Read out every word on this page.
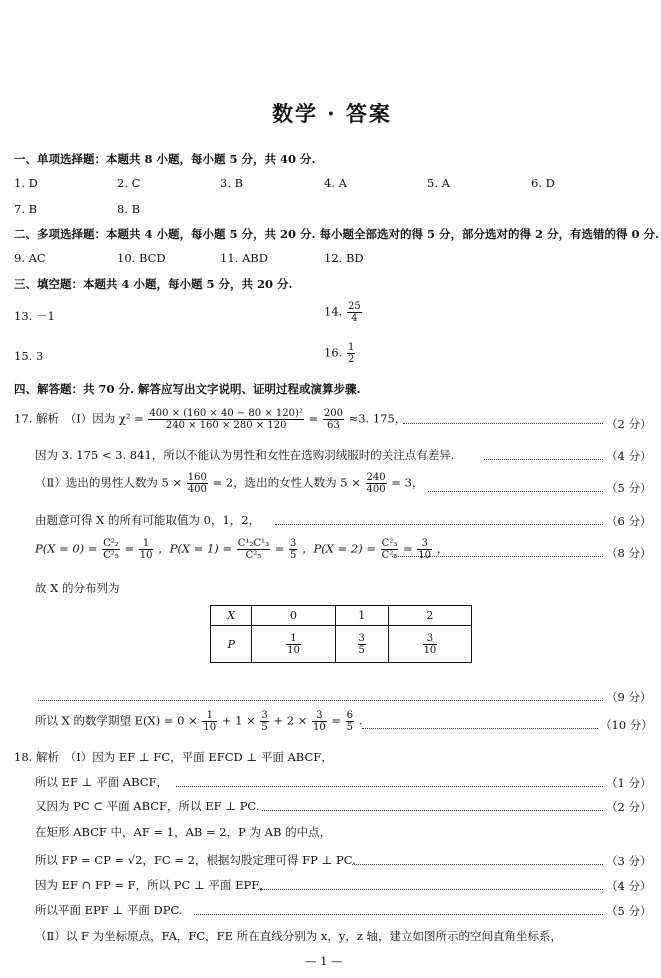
数学 · 答案
一、单项选择题：本题共 8 小题，每小题 5 分，共 40 分.
1. D	2. C	3. B	4. A	5. A	6. D
7. B	8. B
二、多项选择题：本题共 4 小题，每小题 5 分，共 20 分. 每小题全部选对的得 5 分，部分选对的得 2 分，有选错的得 0 分.
9. AC	10. BCD	11. ABD	12. BD
三、填空题：本题共 4 小题，每小题 5 分，共 20 分.
13. －1	14. $\frac{25}{4}$
15. 3	16. $\frac{1}{2}$
四、解答题：共 70 分. 解答应写出文字说明、证明过程或演算步骤.
17. 解析　（Ⅰ）因为 $\chi^2 = \frac{\text{400 × (160 × 40 − 80 × 120)²}}{240 \times 160 \times 280 \times 120} = \frac{200}{63} \approx 3$. 175，	（2 分）
因为 3. 175 < 3. 841，所以不能认为男性和女性在选购羽绒服时的关注点有差异.	（4 分）
（Ⅱ）选出的男性人数为 $5 \times \frac{160}{400} = 2$，选出的女性人数为 $5 \times \frac{240}{400} = 3$，	（5 分）
由题意可得 X 的所有可能取值为 0，1，2，	（6 分）
$P(X = 0) = \frac{\text{C²₂}}{\text{C²₅}} = \frac{1}{10}$ ，$P(X = 1) = \frac{\text{C¹₂C¹₃}}{\text{C²₅}} = \frac{3}{5}$ ，$P(X = 2) = \frac{\text{C²₃}}{\text{C²₅}} = \frac{3}{10}$ ，	（8 分）
故 X 的分布列为
X	0	1	2
P	$\frac{1}{10}$	$\frac{3}{5}$	$\frac{3}{10}$
（9 分）
所以 X 的数学期望 $E(X) = 0 \times \frac{1}{10} + 1 \times \frac{3}{5} + 2 \times \frac{3}{10} = \frac{6}{5}$ .	（10 分）
18. 解析　（Ⅰ）因为 EF ⊥ FC，平面 EFCD ⊥ 平面 ABCF，
所以 EF ⊥ 平面 ABCF，	（1 分）
又因为 PC ⊂ 平面 ABCF，所以 EF ⊥ PC.	（2 分）
在矩形 ABCF 中，AF = 1，AB = 2，P 为 AB 的中点，
所以 FP = CP = √2，FC = 2，根据勾股定理可得 FP ⊥ PC.	（3 分）
因为 EF ∩ FP = F，所以 PC ⊥ 平面 EPF，	（4 分）
所以平面 EPF ⊥ 平面 DPC.	（5 分）
（Ⅱ）以 F 为坐标原点，FA，FC，FE 所在直线分别为 x，y，z 轴，建立如图所示的空间直角坐标系，
— 1 —
